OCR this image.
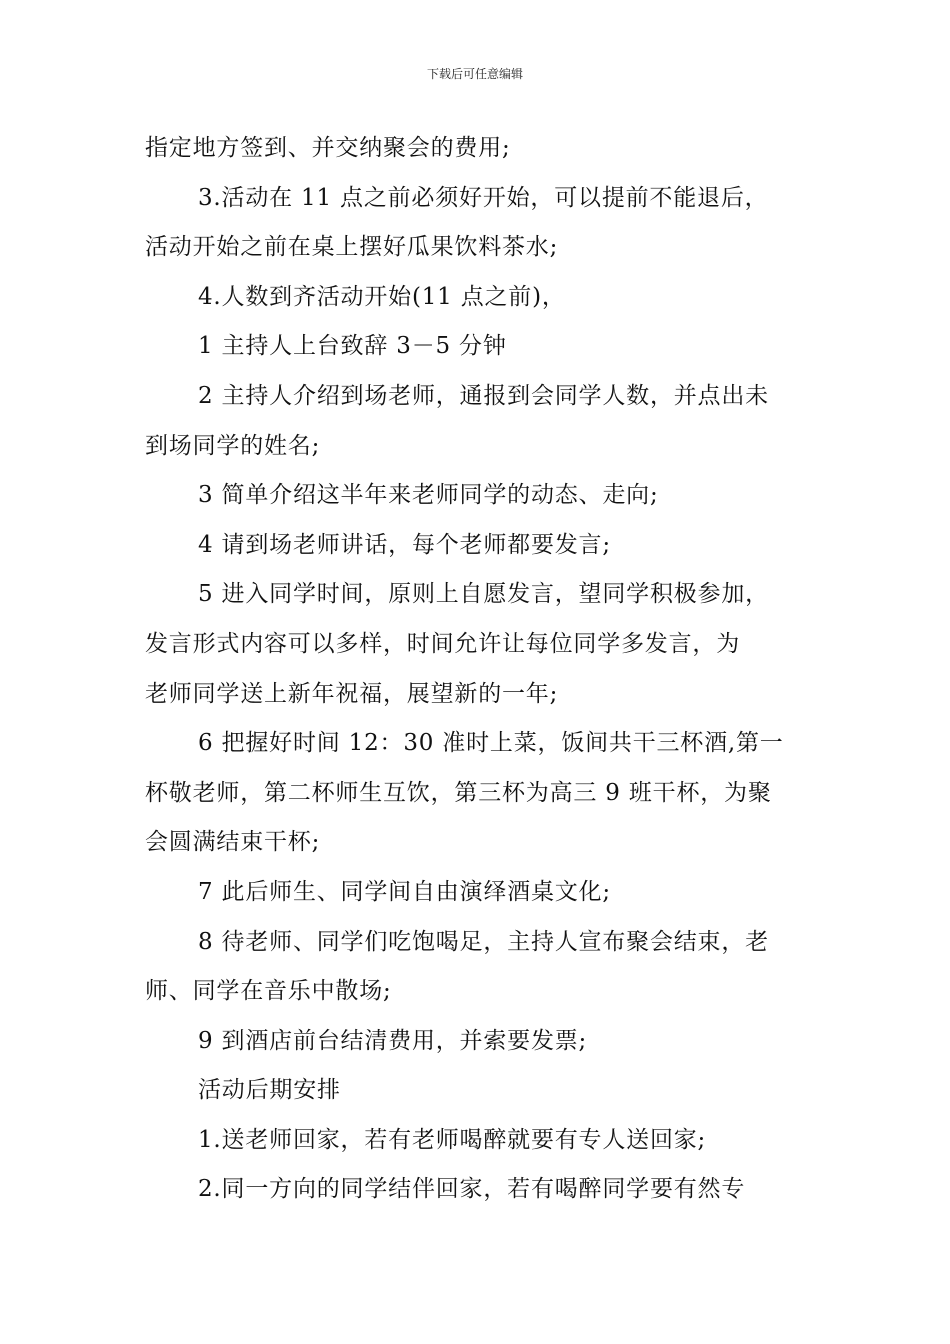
下载后可任意编辑
指定地方签到、并交纳聚会的费用;
3.活动在 11 点之前必须好开始，可以提前不能退后，
活动开始之前在桌上摆好瓜果饮料茶水;
4.人数到齐活动开始(11 点之前)，
1 主持人上台致辞 3－5 分钟
2 主持人介绍到场老师，通报到会同学人数，并点出未
到场同学的姓名;
3 简单介绍这半年来老师同学的动态、走向;
4 请到场老师讲话，每个老师都要发言;
5 进入同学时间，原则上自愿发言，望同学积极参加，
发言形式内容可以多样，时间允许让每位同学多发言，为
老师同学送上新年祝福，展望新的一年;
6 把握好时间 12：30 准时上菜，饭间共干三杯酒,第一
杯敬老师，第二杯师生互饮，第三杯为高三 9 班干杯，为聚
会圆满结束干杯;
7 此后师生、同学间自由演绎酒桌文化;
8 待老师、同学们吃饱喝足，主持人宣布聚会结束，老
师、同学在音乐中散场;
9 到酒店前台结清费用，并索要发票;
活动后期安排
1.送老师回家，若有老师喝醉就要有专人送回家;
2.同一方向的同学结伴回家，若有喝醉同学要有然专
